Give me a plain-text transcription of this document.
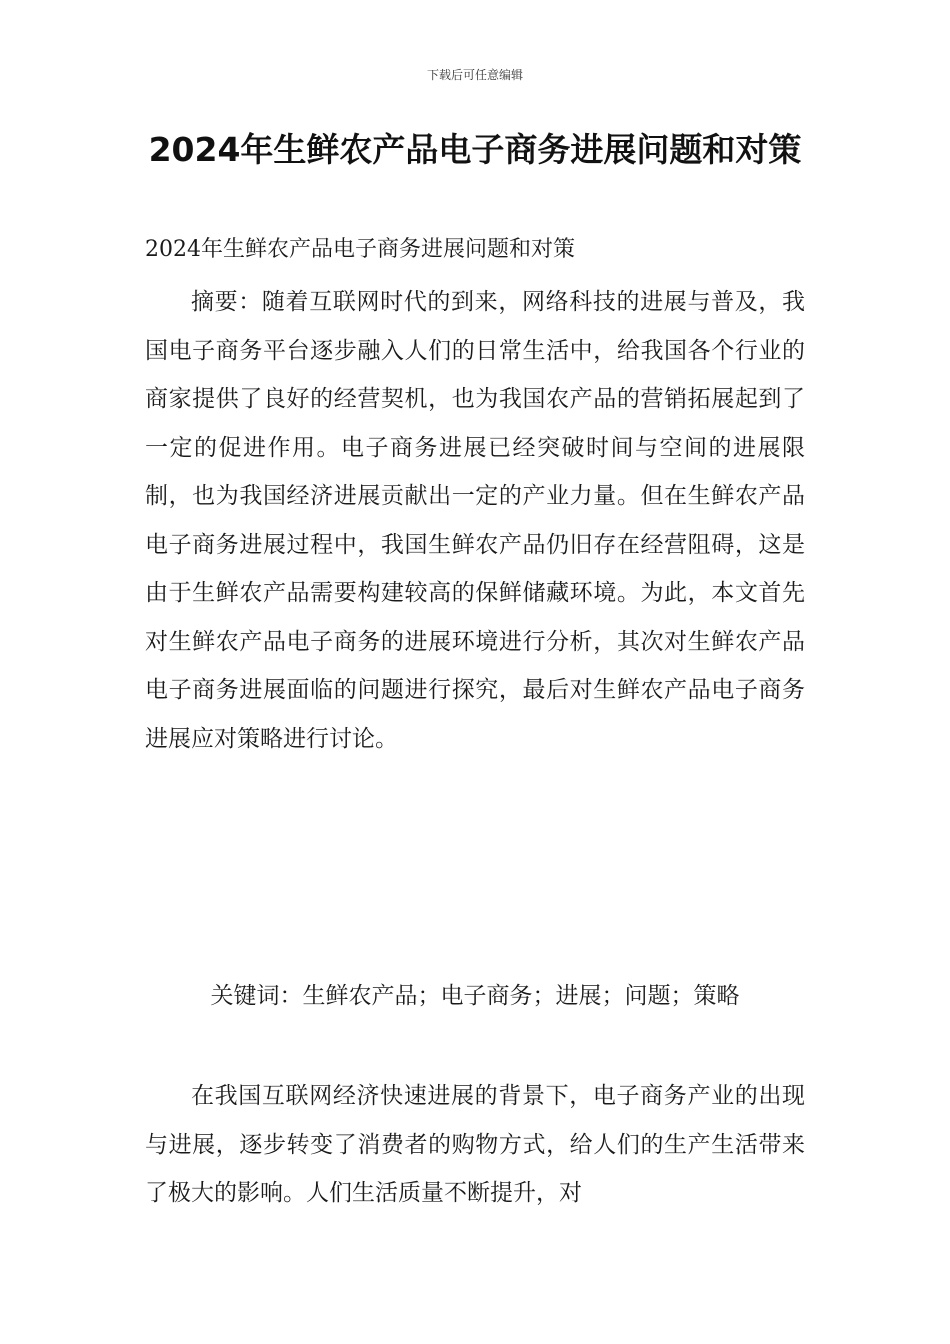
下载后可任意编辑
2024年生鲜农产品电子商务进展问题和对策
2024年生鲜农产品电子商务进展问题和对策

摘要：随着互联网时代的到来，网络科技的进展与普及，我国电子商务平台逐步融入人们的日常生活中，给我国各个行业的商家提供了良好的经营契机，也为我国农产品的营销拓展起到了一定的促进作用。电子商务进展已经突破时间与空间的进展限制，也为我国经济进展贡献出一定的产业力量。但在生鲜农产品电子商务进展过程中，我国生鲜农产品仍旧存在经营阻碍，这是由于生鲜农产品需要构建较高的保鲜储藏环境。为此，本文首先对生鲜农产品电子商务的进展环境进行分析，其次对生鲜农产品电子商务进展面临的问题进行探究，最后对生鲜农产品电子商务进展应对策略进行讨论。

关键词：生鲜农产品；电子商务；进展；问题；策略

在我国互联网经济快速进展的背景下，电子商务产业的出现与进展，逐步转变了消费者的购物方式，给人们的生产生活带来了极大的影响。人们生活质量不断提升，对
